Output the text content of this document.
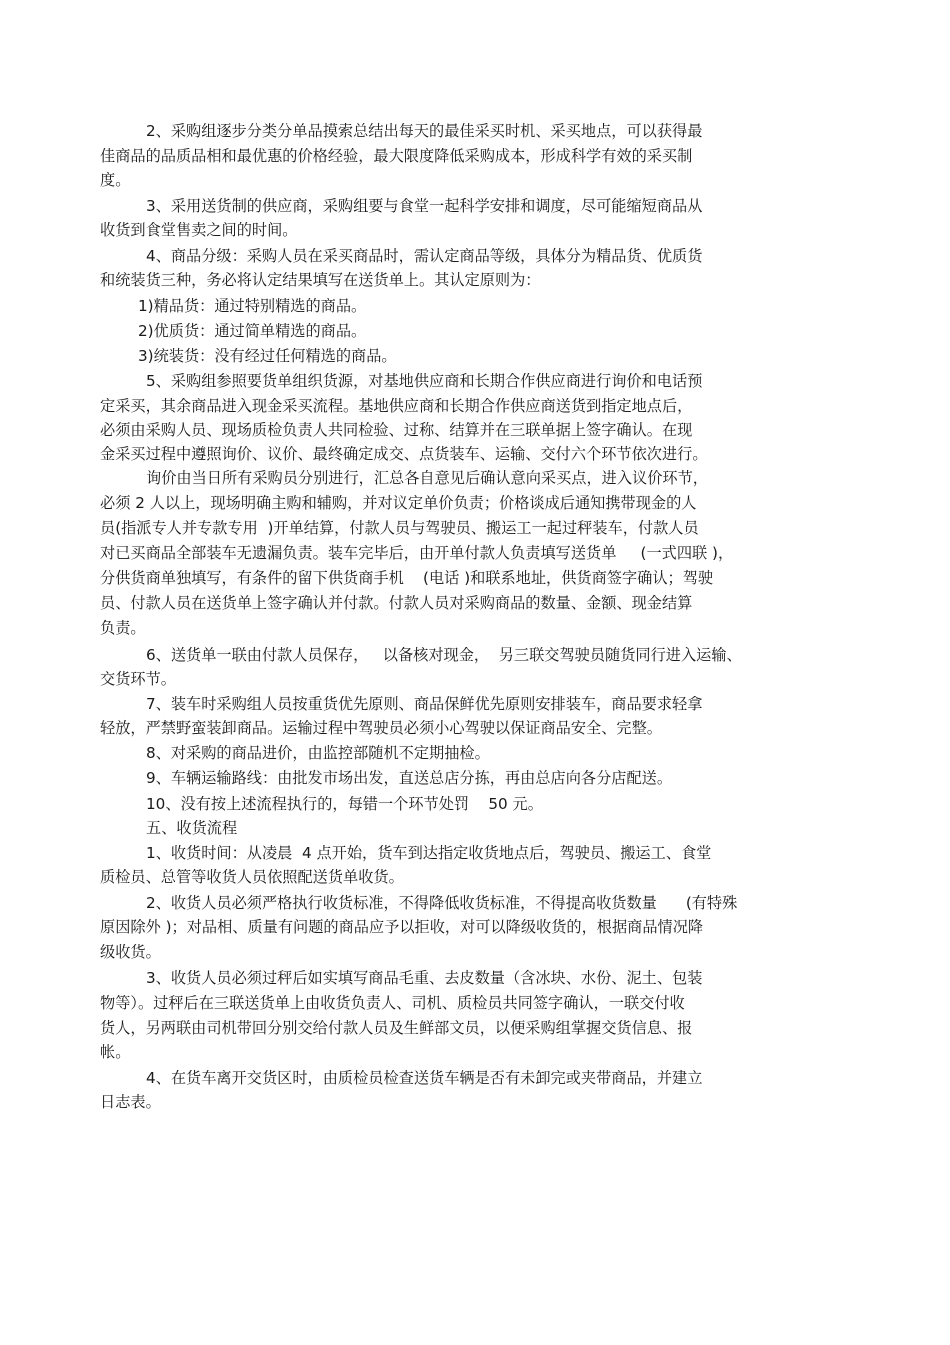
2、采购组逐步分类分单品摸索总结出每天的最佳采买时机、采买地点，可以获得最

佳商品的品质品相和最优惠的价格经验，最大限度降低采购成本，形成科学有效的采买制

度。

3、采用送货制的供应商，采购组要与食堂一起科学安排和调度，尽可能缩短商品从

收货到食堂售卖之间的时间。

4、商品分级：采购人员在采买商品时，需认定商品等级，具体分为精品货、优质货

和统装货三种，务必将认定结果填写在送货单上。其认定原则为：

1)精品货：通过特别精选的商品。

2)优质货：通过简单精选的商品。

3)统装货：没有经过任何精选的商品。

5、采购组参照要货单组织货源，对基地供应商和长期合作供应商进行询价和电话预

定采买，其余商品进入现金采买流程。基地供应商和长期合作供应商送货到指定地点后，

必须由采购人员、现场质检负责人共同检验、过称、结算并在三联单据上签字确认。在现

金采买过程中遵照询价、议价、最终确定成交、点货装车、运输、交付六个环节依次进行。

询价由当日所有采购员分别进行，汇总各自意见后确认意向采买点，进入议价环节，

必须 2 人以上，现场明确主购和辅购，并对议定单价负责；价格谈成后通知携带现金的人

员(指派专人并专款专用  )开单结算，付款人员与驾驶员、搬运工一起过秤装车，付款人员

对已买商品全部装车无遗漏负责。装车完毕后，由开单付款人负责填写送货单     (一式四联 )，

分供货商单独填写，有条件的留下供货商手机    (电话 )和联系地址，供货商签字确认；驾驶

员、付款人员在送货单上签字确认并付款。付款人员对采购商品的数量、金额、现金结算

负责。

6、送货单一联由付款人员保存，   以备核对现金，  另三联交驾驶员随货同行进入运输、

交货环节。

7、装车时采购组人员按重货优先原则、商品保鲜优先原则安排装车，商品要求轻拿

轻放，严禁野蛮装卸商品。运输过程中驾驶员必须小心驾驶以保证商品安全、完整。

8、对采购的商品进价，由监控部随机不定期抽检。

9、车辆运输路线：由批发市场出发，直送总店分拣，再由总店向各分店配送。

10、没有按上述流程执行的，每错一个环节处罚    50 元。

五、收货流程

1、收货时间：从凌晨  4 点开始，货车到达指定收货地点后，驾驶员、搬运工、食堂

质检员、总管等收货人员依照配送货单收货。

2、收货人员必须严格执行收货标准，不得降低收货标准，不得提高收货数量      (有特殊

原因除外 )；对品相、质量有问题的商品应予以拒收，对可以降级收货的，根据商品情况降

级收货。

3、收货人员必须过秤后如实填写商品毛重、去皮数量（含冰块、水份、泥土、包装

物等）。过秤后在三联送货单上由收货负责人、司机、质检员共同签字确认，一联交付收

货人，另两联由司机带回分别交给付款人员及生鲜部文员，以便采购组掌握交货信息、报

帐。

4、在货车离开交货区时，由质检员检查送货车辆是否有未卸完或夹带商品，并建立

日志表。
